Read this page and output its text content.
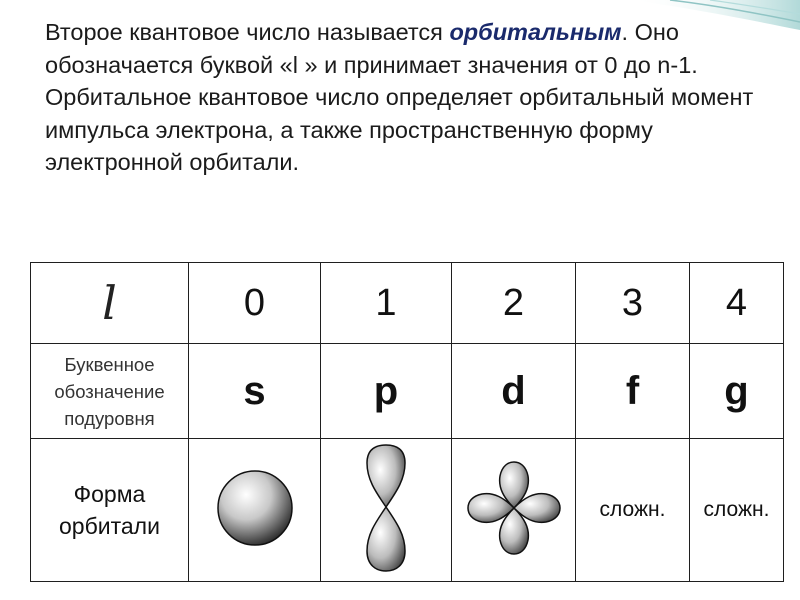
Второе квантовое число называется орбитальным. Оно обозначается буквой «l » и принимает значения от 0 до n-1. Орбитальное квантовое число определяет орбитальный момент импульса электрона, а также пространственную форму электронной орбитали.
l	0	1	2	3	4

Буквенное обозначение подуровня	s	p	d	f	g

Форма орбитали				сложн.	сложн.
